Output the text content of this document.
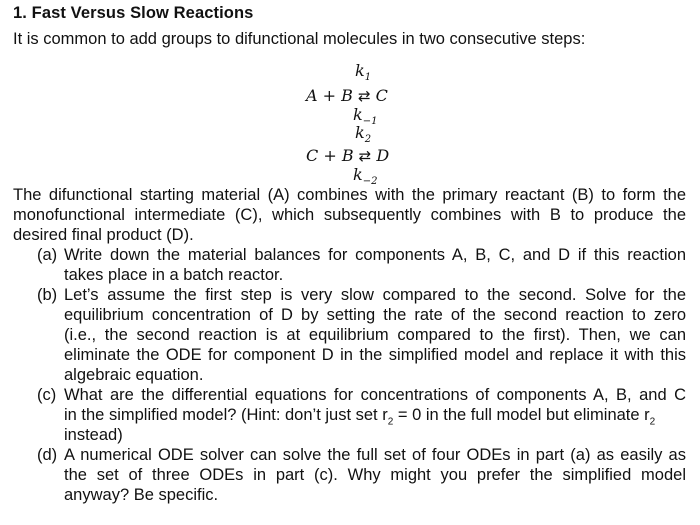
1. Fast Versus Slow Reactions
It is common to add groups to difunctional molecules in two consecutive steps:
$k_1$
A + B ⇄ C
$k_{-1}$
$k_2$
C + B ⇄ D
$k_{-2}$
The difunctional starting material (A) combines with the primary reactant (B) to form the
monofunctional intermediate (C), which subsequently combines with B to produce the
desired final product (D).
(a) Write down the material balances for components A, B, C, and D if this reaction
takes place in a batch reactor.
(b) Let’s assume the first step is very slow compared to the second. Solve for the
equilibrium concentration of D by setting the rate of the second reaction to zero
(i.e., the second reaction is at equilibrium compared to the first). Then, we can
eliminate the ODE for component D in the simplified model and replace it with this
algebraic equation.
(c) What are the differential equations for concentrations of components A, B, and C
in the simplified model? (Hint: don’t just set $r_2 = 0$ in the full model but eliminate $r_2$
instead)
(d) A numerical ODE solver can solve the full set of four ODEs in part (a) as easily as
the set of three ODEs in part (c). Why might you prefer the simplified model
anyway? Be specific.
